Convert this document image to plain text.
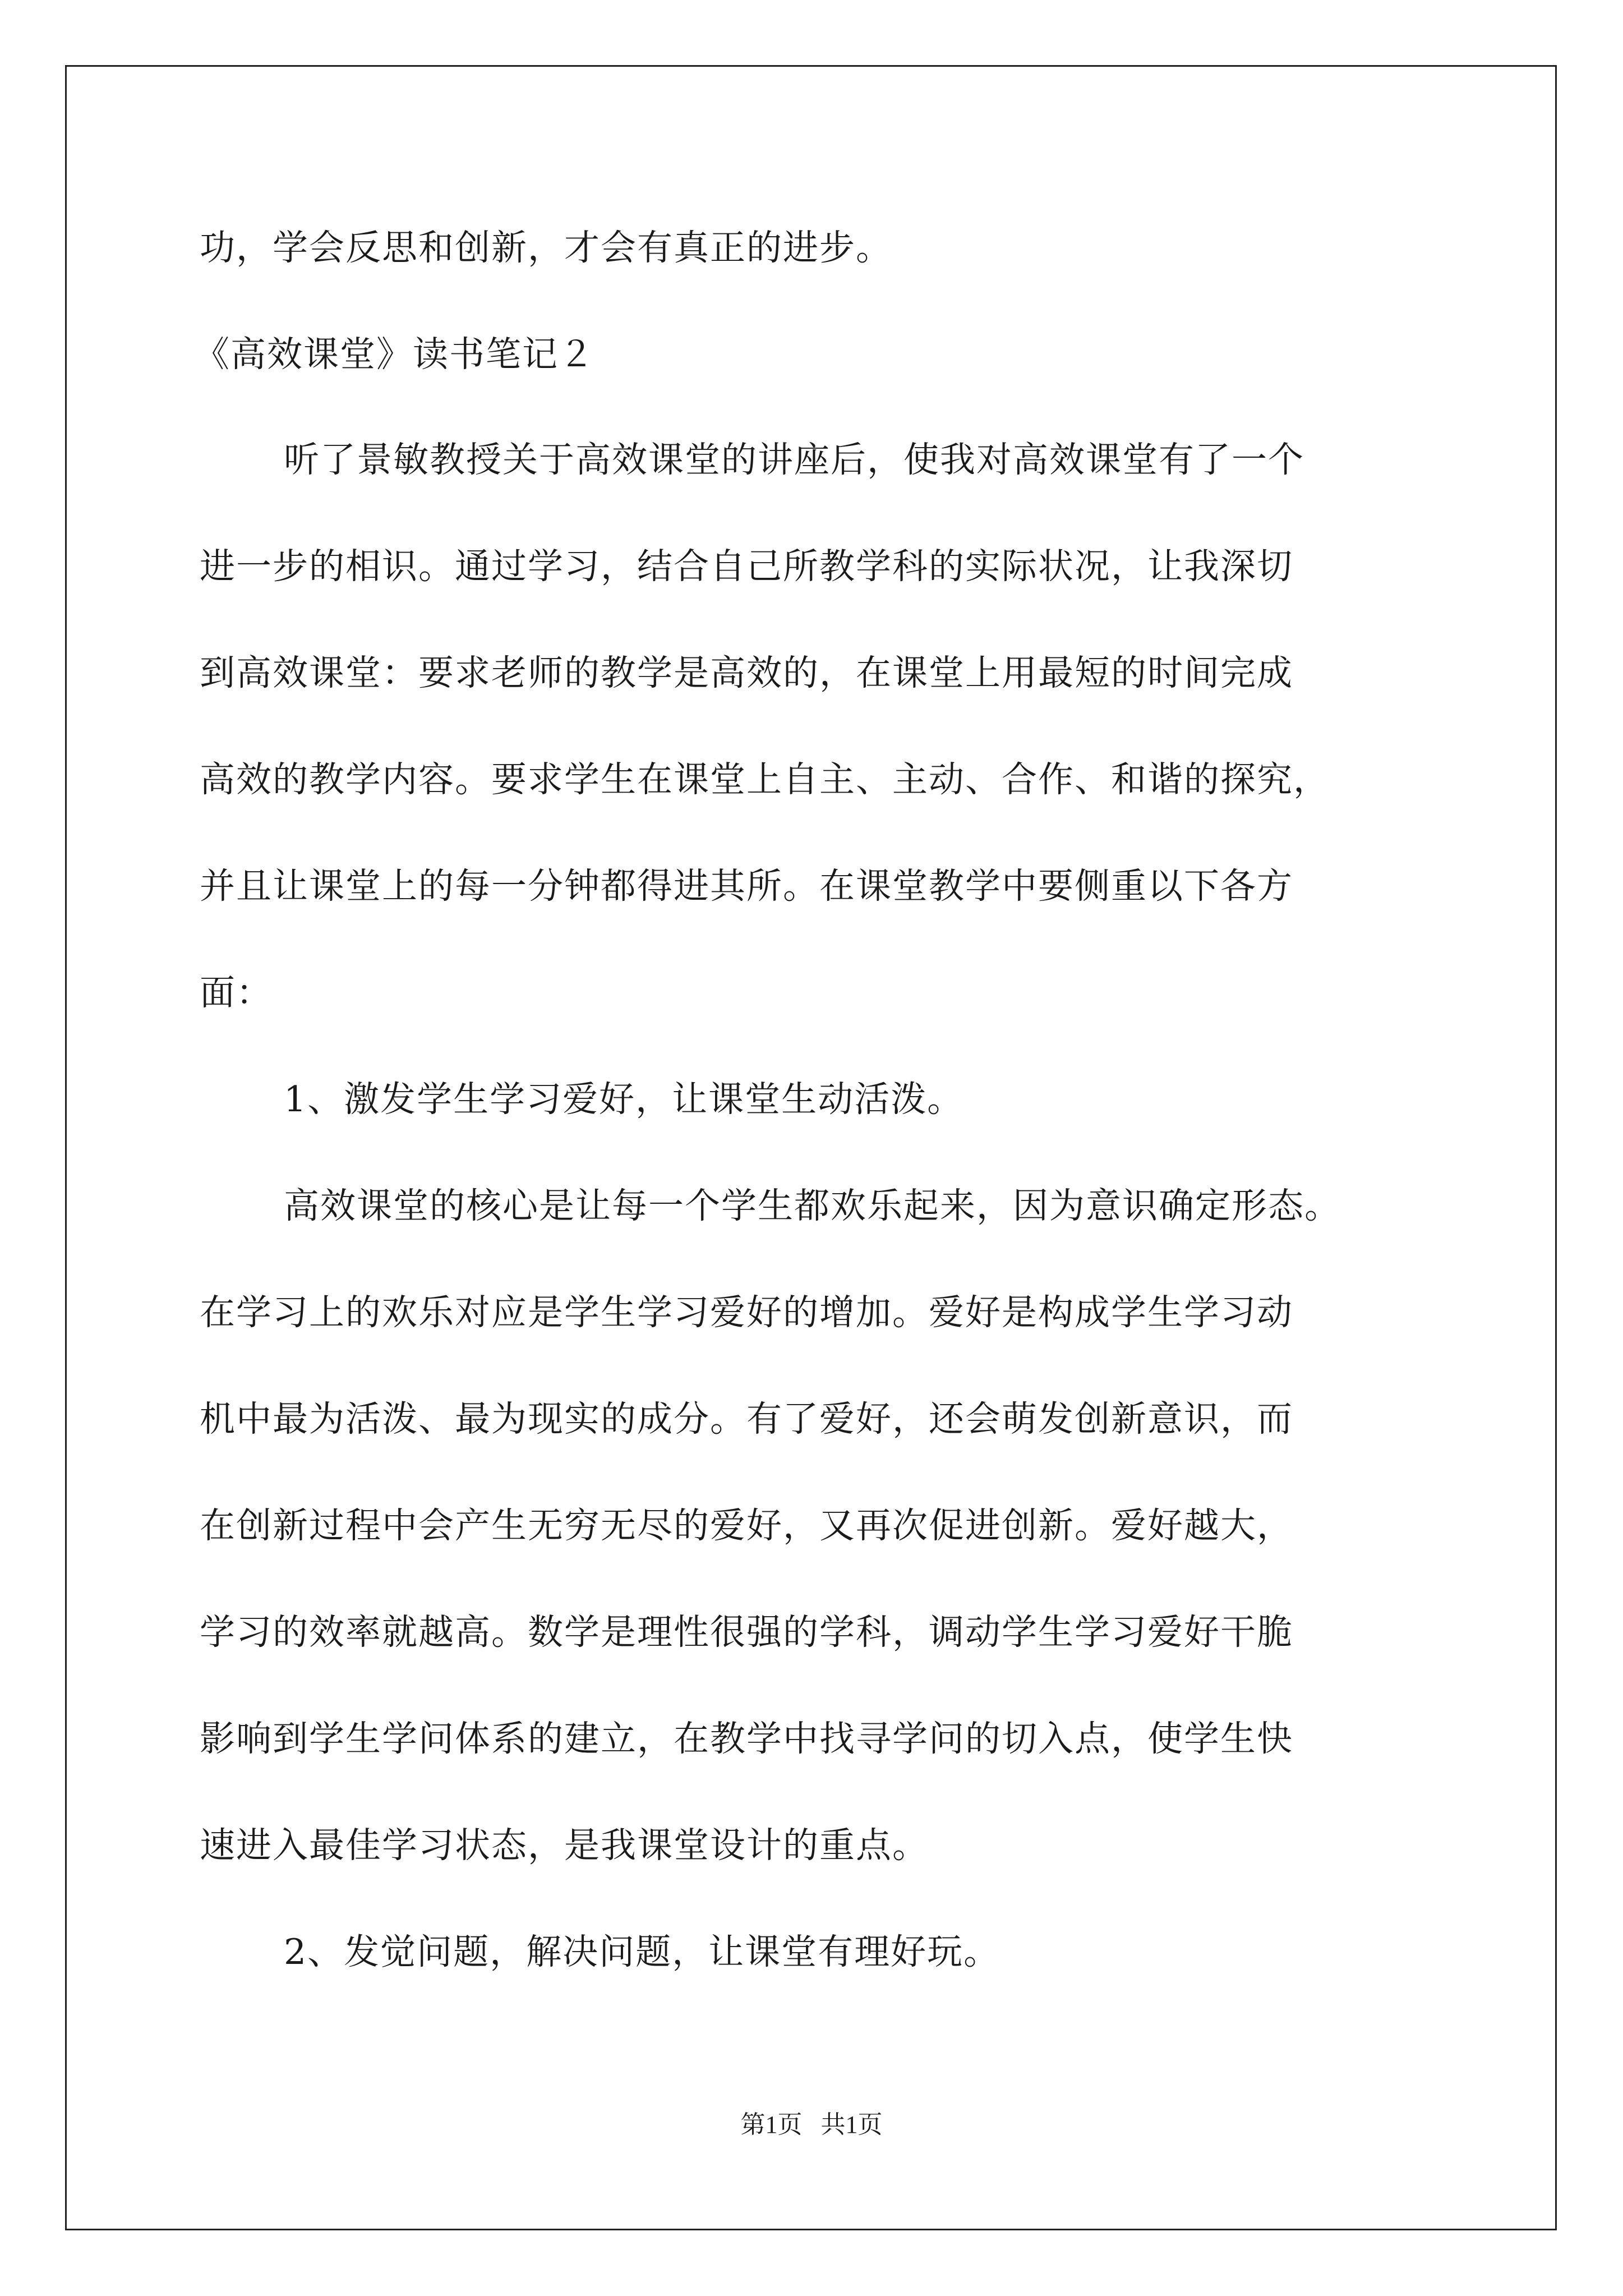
功，学会反思和创新，才会有真正的进步。
《高效课堂》读书笔记２
听了景敏教授关于高效课堂的讲座后，使我对高效课堂有了一个
进一步的相识。通过学习，结合自己所教学科的实际状况，让我深切
到高效课堂：要求老师的教学是高效的，在课堂上用最短的时间完成
高效的教学内容。要求学生在课堂上自主、主动、合作、和谐的探究，
并且让课堂上的每一分钟都得进其所。在课堂教学中要侧重以下各方
面：
1、激发学生学习爱好，让课堂生动活泼。
高效课堂的核心是让每一个学生都欢乐起来，因为意识确定形态。
在学习上的欢乐对应是学生学习爱好的增加。爱好是构成学生学习动
机中最为活泼、最为现实的成分。有了爱好，还会萌发创新意识，而
在创新过程中会产生无穷无尽的爱好，又再次促进创新。爱好越大，
学习的效率就越高。数学是理性很强的学科，调动学生学习爱好干脆
影响到学生学问体系的建立，在教学中找寻学问的切入点，使学生快
速进入最佳学习状态，是我课堂设计的重点。
2、发觉问题，解决问题，让课堂有理好玩。
第1页   共1页
